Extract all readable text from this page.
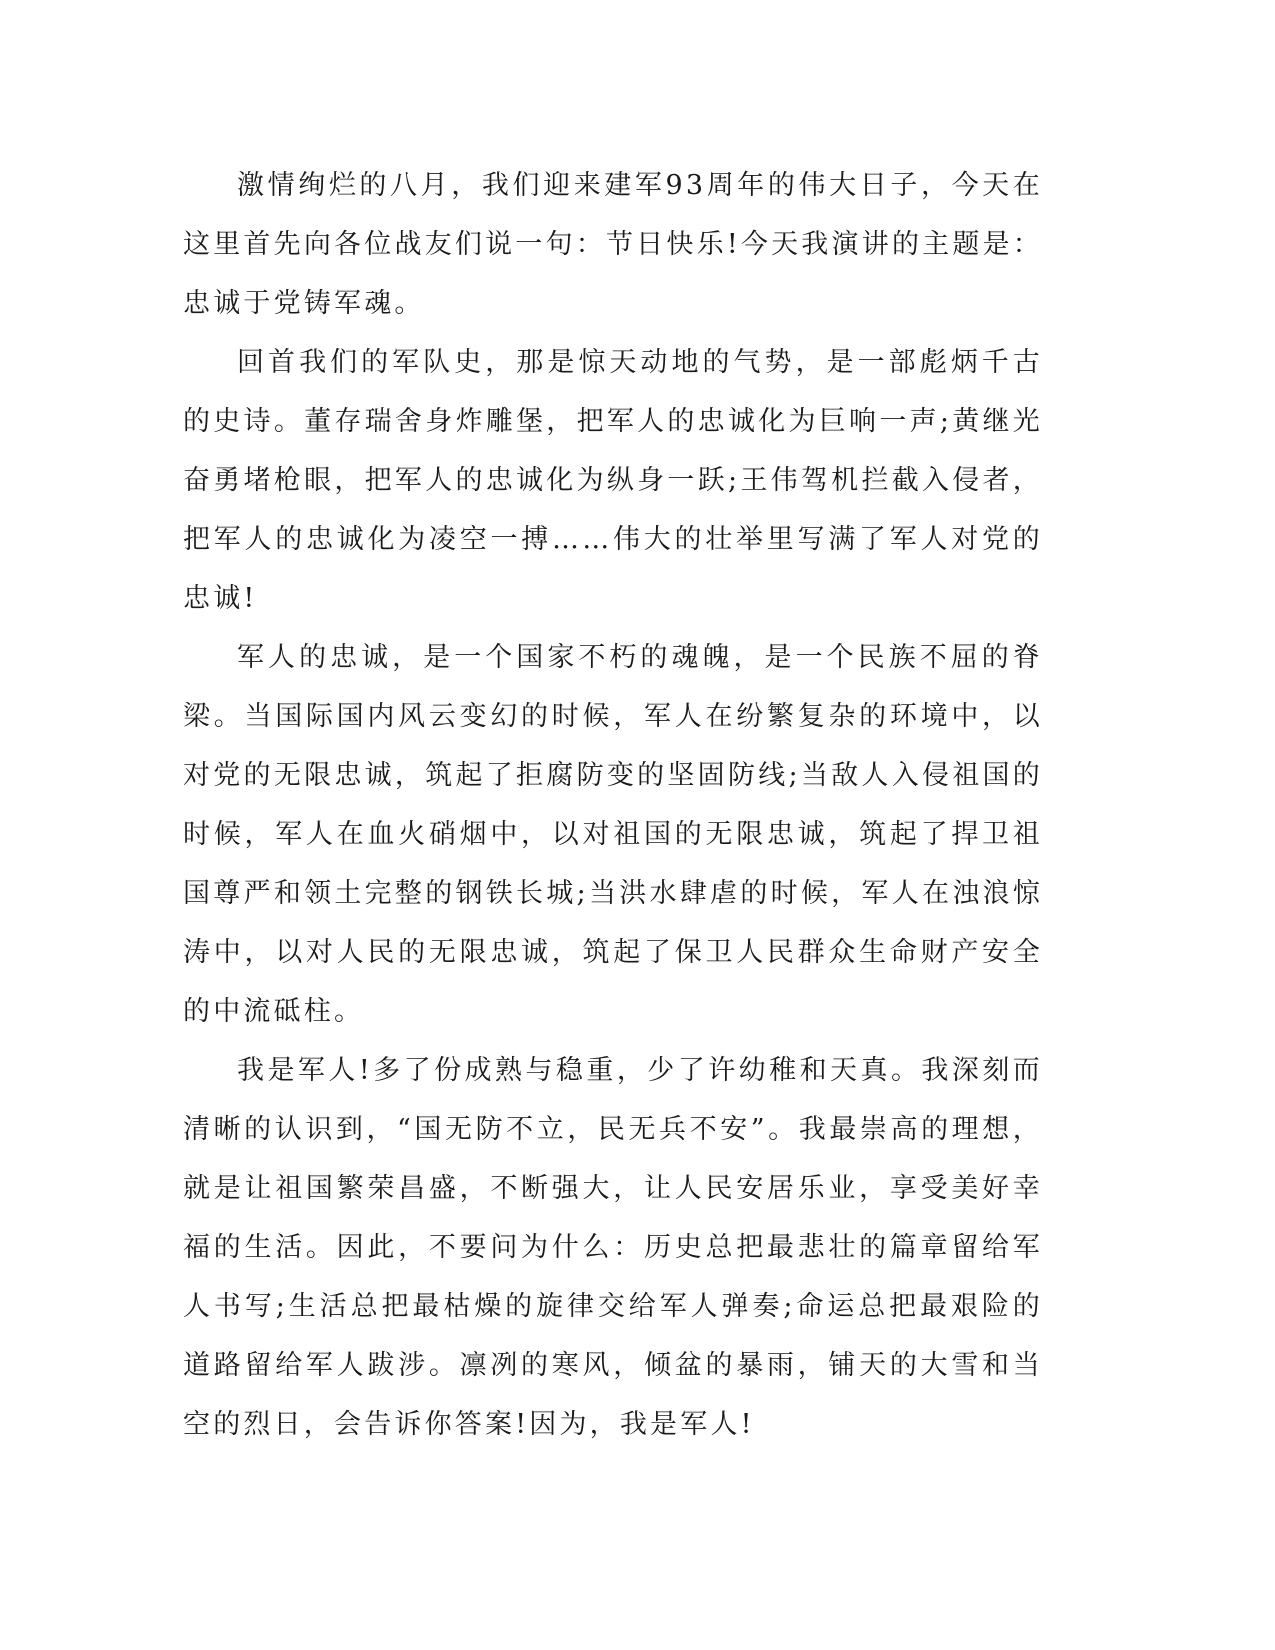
激情绚烂的八月，我们迎来建军93周年的伟大日子，今天在这里首先向各位战友们说一句：节日快乐!今天我演讲的主题是：忠诚于党铸军魂。

回首我们的军队史，那是惊天动地的气势，是一部彪炳千古的史诗。董存瑞舍身炸雕堡，把军人的忠诚化为巨响一声;黄继光奋勇堵枪眼，把军人的忠诚化为纵身一跃;王伟驾机拦截入侵者，把军人的忠诚化为凌空一搏……伟大的壮举里写满了军人对党的忠诚!

军人的忠诚，是一个国家不朽的魂魄，是一个民族不屈的脊梁。当国际国内风云变幻的时候，军人在纷繁复杂的环境中，以对党的无限忠诚，筑起了拒腐防变的坚固防线;当敌人入侵祖国的时候，军人在血火硝烟中，以对祖国的无限忠诚，筑起了捍卫祖国尊严和领土完整的钢铁长城;当洪水肆虐的时候，军人在浊浪惊涛中，以对人民的无限忠诚，筑起了保卫人民群众生命财产安全的中流砥柱。

我是军人!多了份成熟与稳重，少了许幼稚和天真。我深刻而清晰的认识到，“国无防不立，民无兵不安”。我最崇高的理想，就是让祖国繁荣昌盛，不断强大，让人民安居乐业，享受美好幸福的生活。因此，不要问为什么：历史总把最悲壮的篇章留给军人书写;生活总把最枯燥的旋律交给军人弹奏;命运总把最艰险的道路留给军人跋涉。凛冽的寒风，倾盆的暴雨，铺天的大雪和当空的烈日，会告诉你答案!因为，我是军人!
